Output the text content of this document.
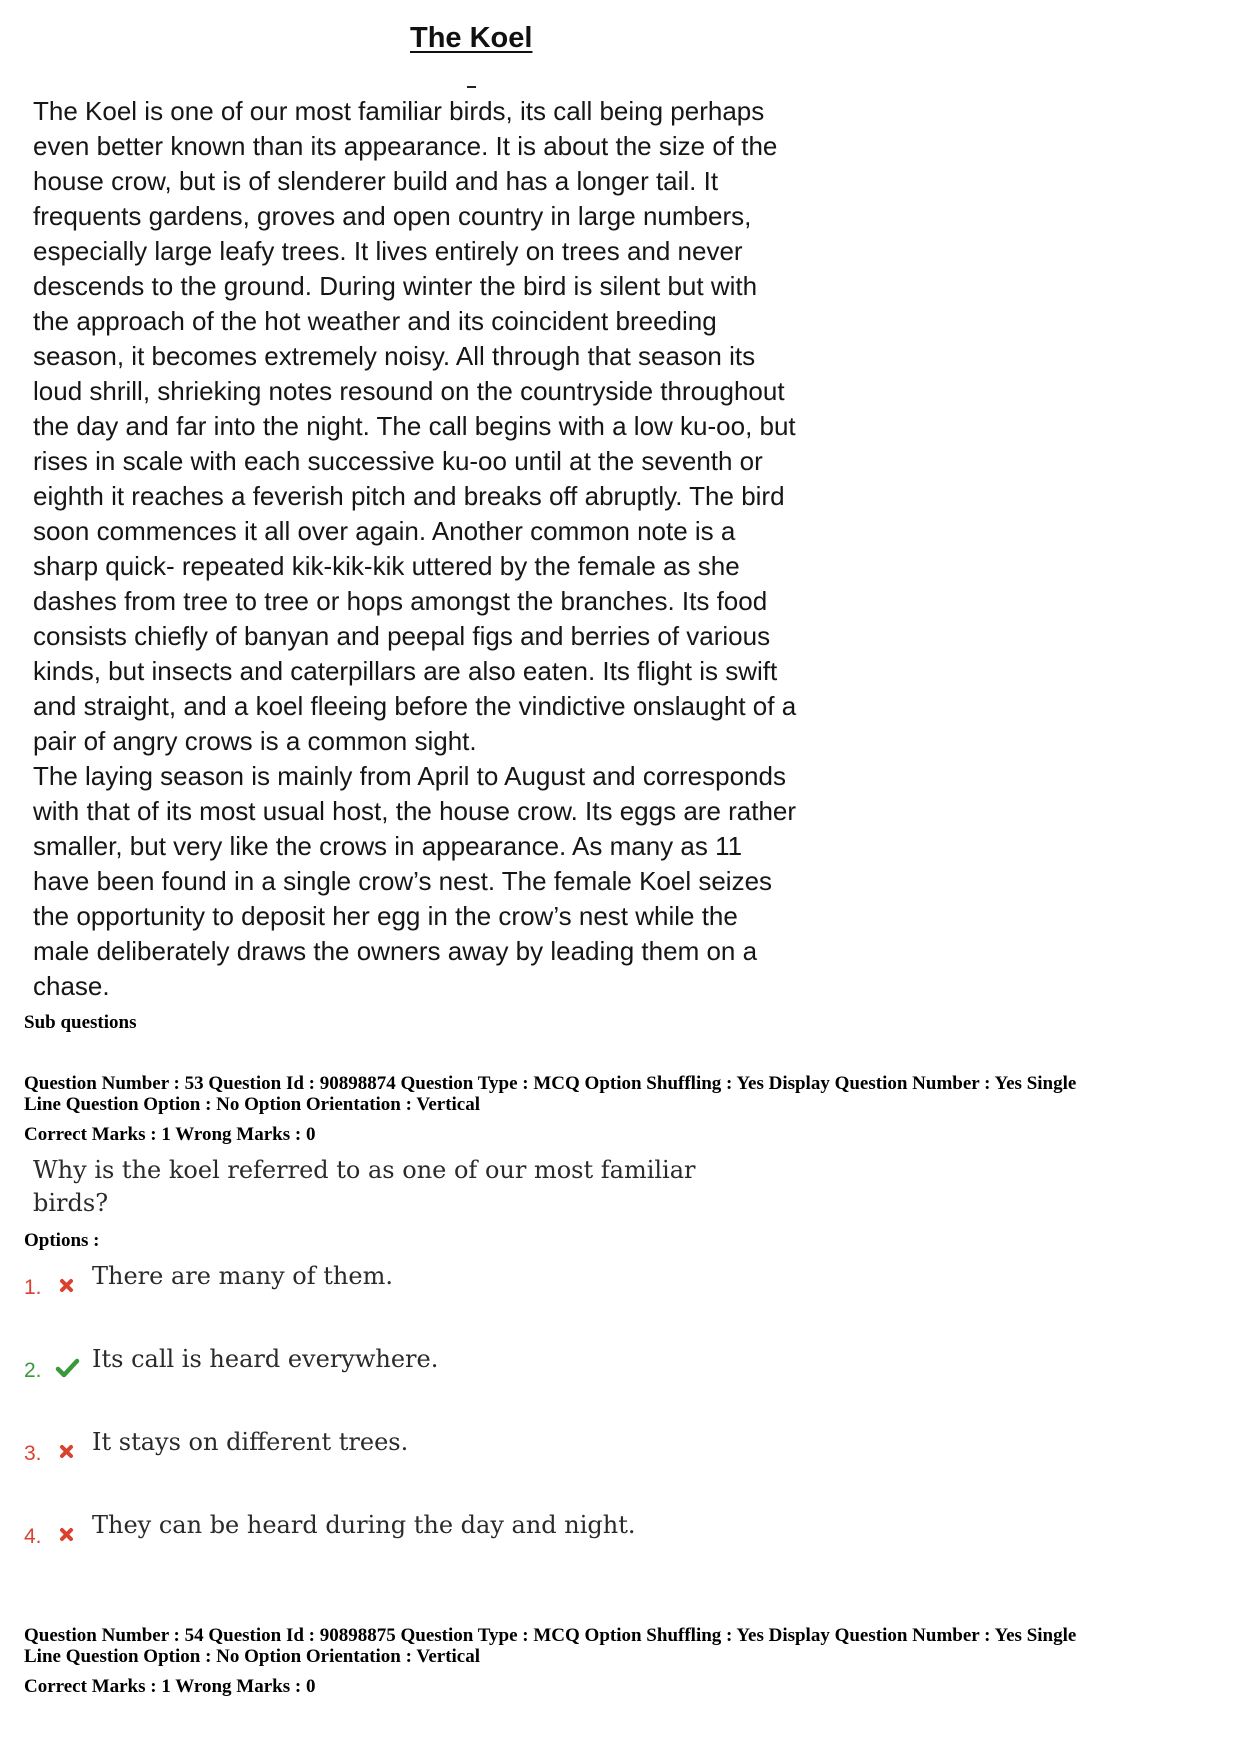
The Koel
The Koel is one of our most familiar birds, its call being perhaps
even better known than its appearance. It is about the size of the
house crow, but is of slenderer build and has a longer tail. It
frequents gardens, groves and open country in large numbers,
especially large leafy trees. It lives entirely on trees and never
descends to the ground. During winter the bird is silent but with
the approach of the hot weather and its coincident breeding
season, it becomes extremely noisy. All through that season its
loud shrill, shrieking notes resound on the countryside throughout
the day and far into the night. The call begins with a low ku-oo, but
rises in scale with each successive ku-oo until at the seventh or
eighth it reaches a feverish pitch and breaks off abruptly. The bird
soon commences it all over again. Another common note is a
sharp quick- repeated kik-kik-kik uttered by the female as she
dashes from tree to tree or hops amongst the branches. Its food
consists chiefly of banyan and peepal figs and berries of various
kinds, but insects and caterpillars are also eaten. Its flight is swift
and straight, and a koel fleeing before the vindictive onslaught of a
pair of angry crows is a common sight.
The laying season is mainly from April to August and corresponds
with that of its most usual host, the house crow. Its eggs are rather
smaller, but very like the crows in appearance. As many as 11
have been found in a single crow’s nest. The female Koel seizes
the opportunity to deposit her egg in the crow’s nest while the
male deliberately draws the owners away by leading them on a
chase.
Sub questions
Question Number : 53 Question Id : 90898874 Question Type : MCQ Option Shuffling : Yes Display Question Number : Yes Single
Line Question Option : No Option Orientation : Vertical
Correct Marks : 1 Wrong Marks : 0
Why is the koel referred to as one of our most familiar
birds?
Options :
1. There are many of them.
2. Its call is heard everywhere.
3. It stays on different trees.
4. They can be heard during the day and night.
Question Number : 54 Question Id : 90898875 Question Type : MCQ Option Shuffling : Yes Display Question Number : Yes Single
Line Question Option : No Option Orientation : Vertical
Correct Marks : 1 Wrong Marks : 0
